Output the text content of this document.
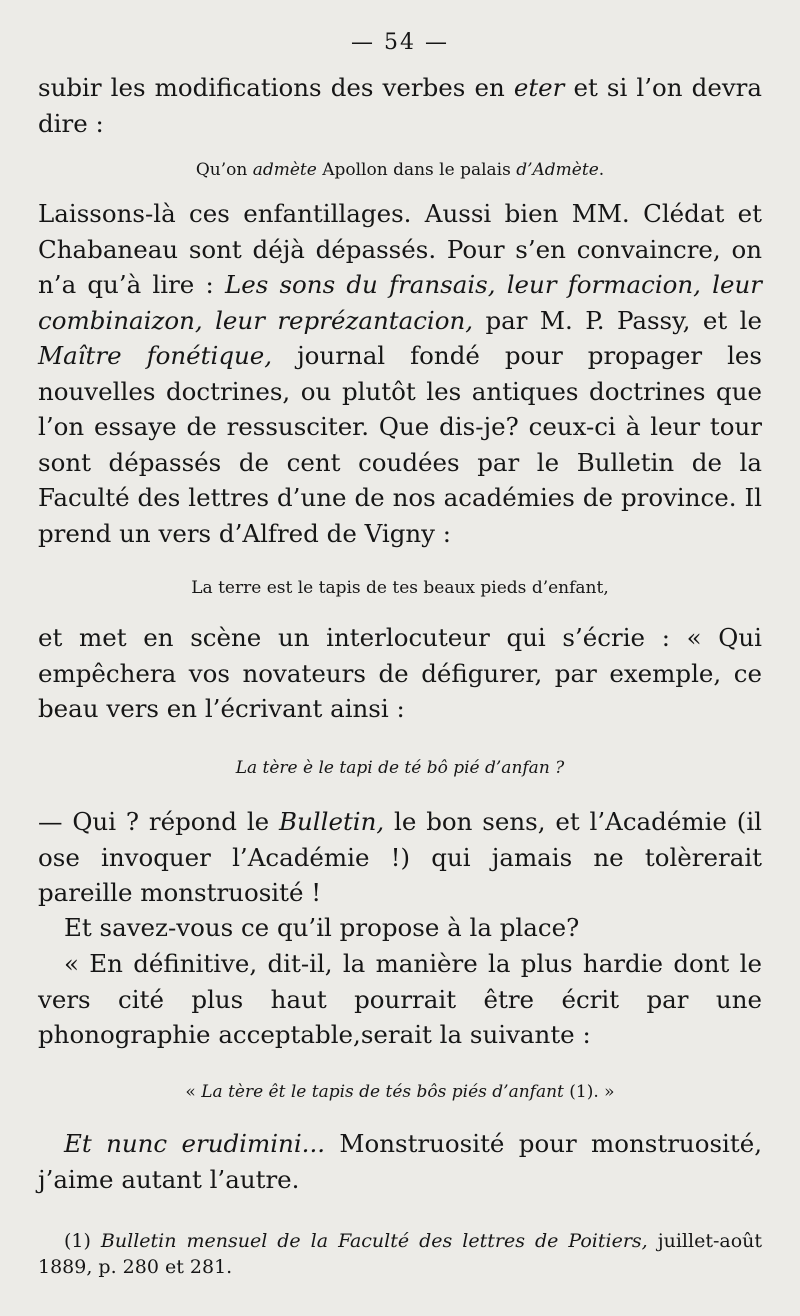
— 54 —

subir les modifications des verbes en eter et si l’on devra dire :

Qu’on admète Apollon dans le palais d’Admète.

Laissons-là ces enfantillages. Aussi bien MM. Clédat et Chabaneau sont déjà dépassés. Pour s’en convaincre, on n’a qu’à lire : Les sons du fransais, leur formacion, leur combinaizon, leur reprézantacion, par M. P. Passy, et le Maître fonétique, journal fondé pour propager les nouvelles doctrines, ou plutôt les antiques doctrines que l’on essaye de ressusciter. Que dis-je? ceux-ci à leur tour sont dépassés de cent coudées par le Bulletin de la Faculté des lettres d’une de nos académies de province. Il prend un vers d’Alfred de Vigny :

La terre est le tapis de tes beaux pieds d’enfant,

et met en scène un interlocuteur qui s’écrie : « Qui empêchera vos novateurs de défigurer, par exemple, ce beau vers en l’écrivant ainsi :

La tère è le tapi de té bô pié d’anfan ?

— Qui ? répond le Bulletin, le bon sens, et l’Académie (il ose invoquer l’Académie !) qui jamais ne tolèrerait pareille monstruosité !

Et savez-vous ce qu’il propose à la place?

« En définitive, dit-il, la manière la plus hardie dont le vers cité plus haut pourrait être écrit par une phonographie acceptable,serait la suivante :

« La tère êt le tapis de tés bôs piés d’anfant (1). »

Et nunc erudimini... Monstruosité pour monstruosité, j’aime autant l’autre.

(1) Bulletin mensuel de la Faculté des lettres de Poitiers, juillet-août 1889, p. 280 et 281.
